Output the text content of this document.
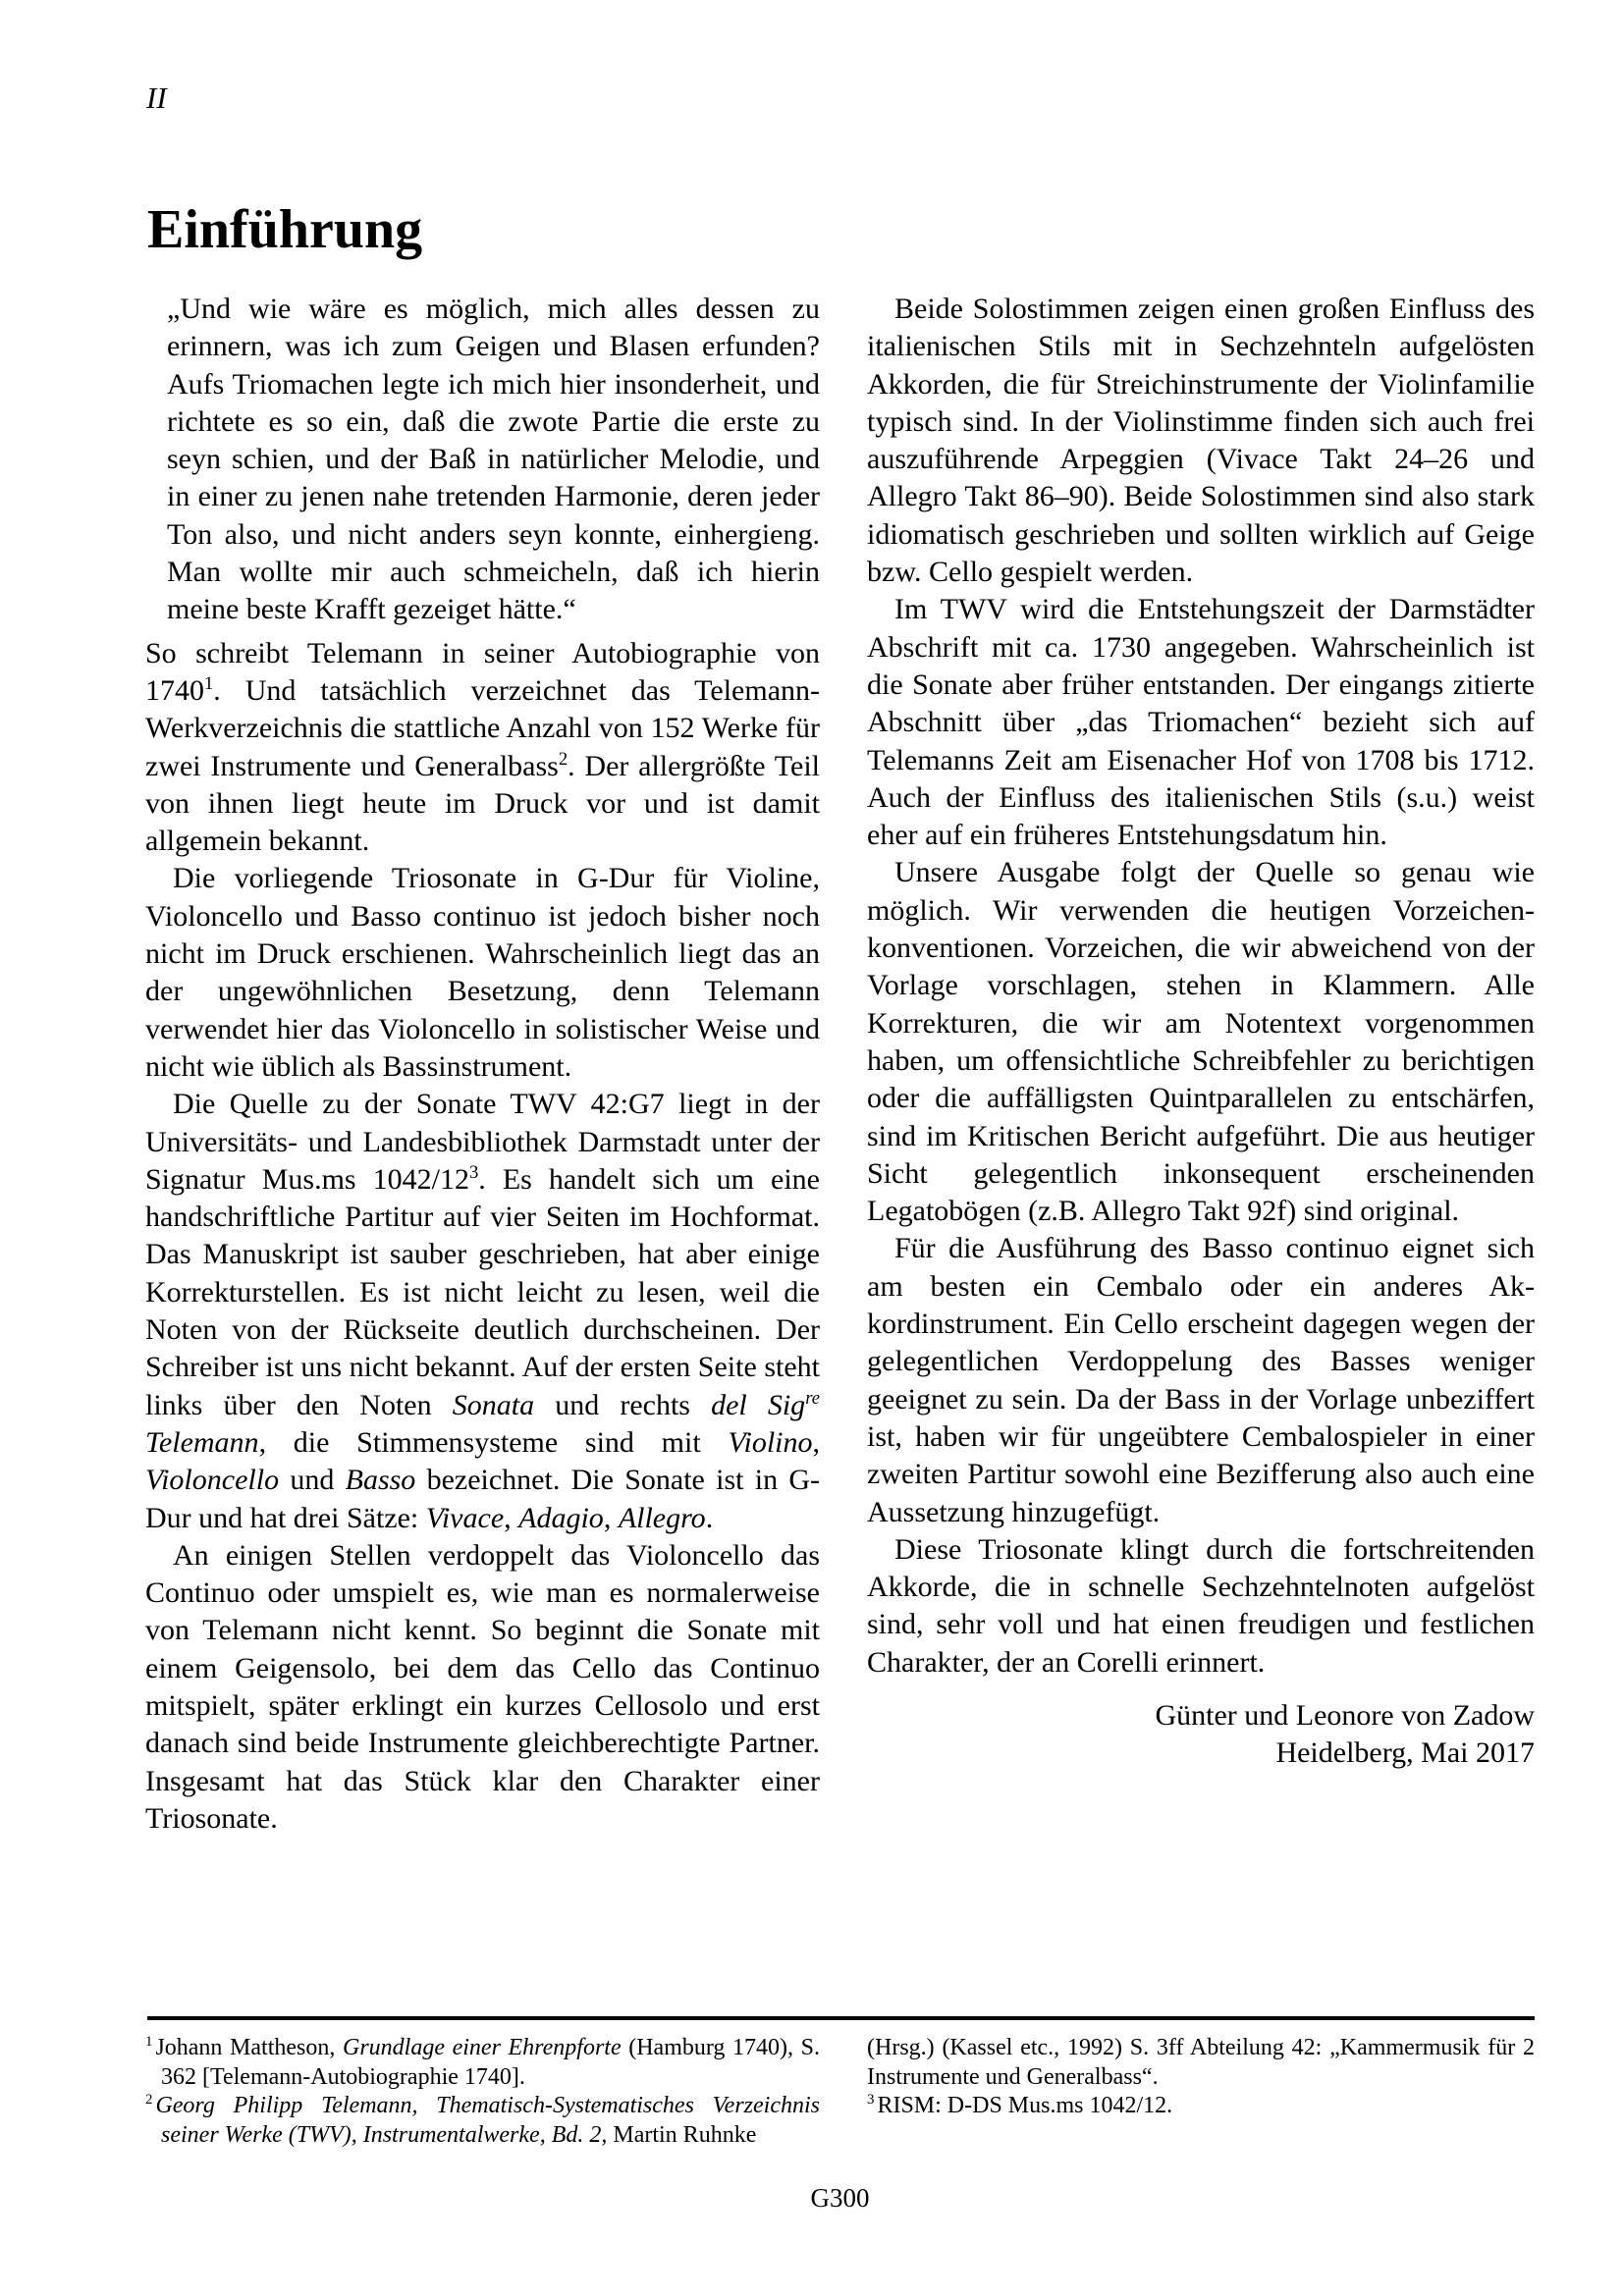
II
Einführung

„Und wie wäre es möglich, mich alles dessen zu erinnern, was ich zum Geigen und Blasen erfunden? Aufs Triomachen legte ich mich hier insonderheit, und richtete es so ein, daß die zwote Partie die erste zu seyn schien, und der Baß in natürlicher Melodie, und in einer zu jenen nahe tretenden Harmonie, deren jeder Ton also, und nicht anders seyn konnte, einhergieng. Man wollte mir auch schmeicheln, daß ich hierin meine beste Krafft gezeiget hätte.“

So schreibt Telemann in seiner Autobiographie von 1740$^1$. Und tatsächlich verzeichnet das Telemann-Werkverzeichnis die stattliche Anzahl von 152 Werke für zwei Instrumente und Generalbass$^2$. Der allergrößte Teil von ihnen liegt heute im Druck vor und ist damit allgemein bekannt.

Die vorliegende Triosonate in G-Dur für Violine, Violoncello und Basso continuo ist jedoch bisher noch nicht im Druck erschienen. Wahrscheinlich liegt das an der ungewöhnlichen Besetzung, denn Telemann verwendet hier das Violoncello in solistischer Weise und nicht wie üblich als Bassinstrument.

Die Quelle zu der Sonate TWV 42:G7 liegt in der Universitäts- und Landesbibliothek Darmstadt unter der Signatur Mus.ms $1042/12^3$. Es handelt sich um eine handschriftliche Partitur auf vier Seiten im Hochformat. Das Manuskript ist sauber geschrieben, hat aber einige Korrekturstellen. Es ist nicht leicht zu lesen, weil die Noten von der Rückseite deutlich durchscheinen. Der Schreiber ist uns nicht bekannt. Auf der ersten Seite steht links über den Noten Sonata und rechts del Sig$^{re}$ Telemann, die Stimmensysteme sind mit Violino, Violoncello und Basso bezeichnet. Die Sonate ist in G-Dur und hat drei Sätze: Vivace, Adagio, Allegro.

An einigen Stellen verdoppelt das Violoncello das Continuo oder umspielt es, wie man es normalerweise von Telemann nicht kennt. So beginnt die Sonate mit einem Geigensolo, bei dem das Cello das Continuo mitspielt, später erklingt ein kurzes Cellosolo und erst danach sind beide Instrumente gleichberechtigte Partner. Insgesamt hat das Stück klar den Charakter einer Triosonate.

Beide Solostimmen zeigen einen großen Einfluss des italienischen Stils mit in Sechzehnteln aufgelösten Akkorden, die für Streichinstrumente der Violinfamilie typisch sind. In der Violinstimme finden sich auch frei auszuführende Arpeggien (Vivace Takt 24–26 und Allegro Takt 86–90). Beide Solostimmen sind also stark idiomatisch geschrieben und sollten wirklich auf Geige bzw. Cello gespielt werden.

Im TWV wird die Entstehungszeit der Darmstädter Abschrift mit ca. 1730 angegeben. Wahrscheinlich ist die Sonate aber früher entstanden. Der eingangs zitierte Abschnitt über „das Triomachen“ bezieht sich auf Telemanns Zeit am Eisenacher Hof von 1708 bis 1712. Auch der Einfluss des italienischen Stils (s.u.) weist eher auf ein früheres Entstehungsdatum hin.

Unsere Ausgabe folgt der Quelle so genau wie möglich. Wir verwenden die heutigen Vorzeichenkonventionen. Vorzeichen, die wir abweichend von der Vorlage vorschlagen, stehen in Klammern. Alle Korrekturen, die wir am Notentext vorgenommen haben, um offensichtliche Schreibfehler zu berichtigen oder die auffälligsten Quintparallelen zu entschärfen, sind im Kritischen Bericht aufgeführt. Die aus heutiger Sicht gelegentlich inkonsequent erscheinenden Legatobögen (z.B. Allegro Takt 92f) sind original.

Für die Ausführung des Basso continuo eignet sich am besten ein Cembalo oder ein anderes Akkordinstrument. Ein Cello erscheint dagegen wegen der gelegentlichen Verdoppelung des Basses weniger geeignet zu sein. Da der Bass in der Vorlage unbeziffert ist, haben wir für ungeübtere Cembalospieler in einer zweiten Partitur sowohl eine Bezifferung also auch eine Aussetzung hinzugefügt.

Diese Triosonate klingt durch die fortschreitenden Akkorde, die in schnelle Sechzehntelnoten aufgelöst sind, sehr voll und hat einen freudigen und festlichen Charakter, der an Corelli erinnert.

Günter und Leonore von Zadow

Heidelberg, Mai 2017

$^1$ Johann Mattheson, Grundlage einer Ehrenpforte (Hamburg 1740), S. 362 [Telemann-Autobiographie 1740].

$^2$ Georg Philipp Telemann, Thematisch-Systematisches Verzeichnis seiner Werke (TWV), Instrumentalwerke, Bd. 2, Martin Ruhnke

(Hrsg.) (Kassel etc., 1992) S. 3ff Abteilung 42: „Kammermusik für 2 Instrumente und Generalbass“.

$^3$ RISM: D-DS Mus.ms 1042/12.

G300
